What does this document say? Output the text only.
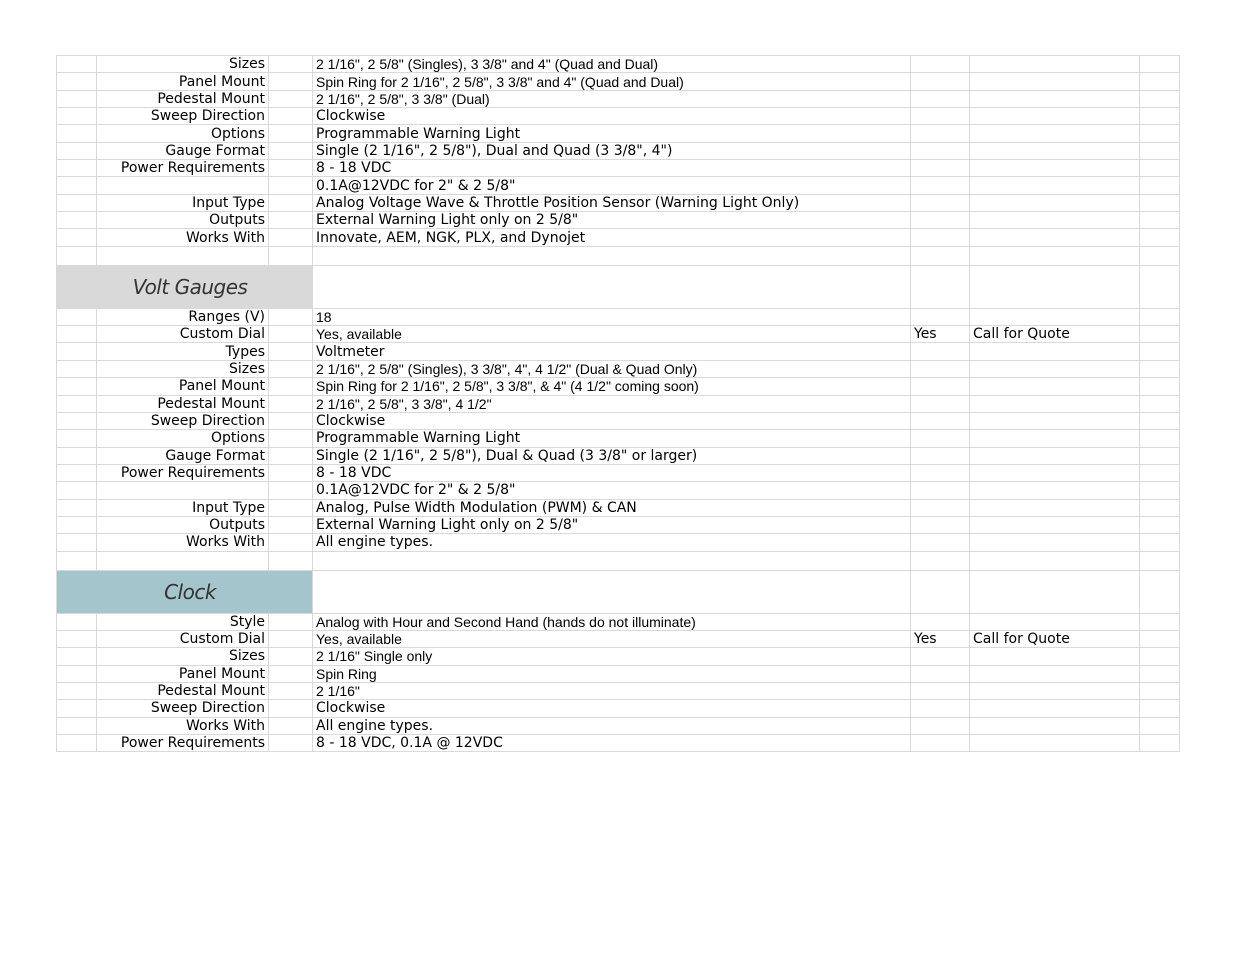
	Sizes		2 1/16", 2 5/8" (Singles), 3 3/8" and 4" (Quad and Dual)			
	Panel Mount		Spin Ring for 2 1/16", 2 5/8", 3 3/8" and 4" (Quad and Dual)			
	Pedestal Mount		2 1/16", 2 5/8", 3 3/8" (Dual)			
	Sweep Direction		Clockwise			
	Options		Programmable Warning Light			
	Gauge Format		Single (2 1/16", 2 5/8"), Dual and Quad (3 3/8", 4")			
	Power Requirements		8 - 18 VDC			
			0.1A@12VDC for 2" & 2 5/8"			
	Input Type		Analog Voltage Wave & Throttle Position Sensor (Warning Light Only)			
	Outputs		External Warning Light only on 2 5/8"			
	Works With		Innovate, AEM, NGK, PLX, and Dynojet			

Volt Gauges						
	Ranges (V)		18			
	Custom Dial		Yes, available	Yes	Call for Quote	
	Types		Voltmeter			
	Sizes		2 1/16", 2 5/8" (Singles), 3 3/8", 4", 4 1/2" (Dual & Quad Only)			
	Panel Mount		Spin Ring for 2 1/16", 2 5/8", 3 3/8", & 4" (4 1/2" coming soon)			
	Pedestal Mount		2 1/16", 2 5/8", 3 3/8", 4 1/2"			
	Sweep Direction		Clockwise			
	Options		Programmable Warning Light			
	Gauge Format		Single (2 1/16", 2 5/8"), Dual & Quad (3 3/8" or larger)			
	Power Requirements		8 - 18 VDC			
			0.1A@12VDC for 2" & 2 5/8"			
	Input Type		Analog, Pulse Width Modulation (PWM) & CAN			
	Outputs		External Warning Light only on 2 5/8"			
	Works With		All engine types.			

Clock						
	Style		Analog with Hour and Second Hand (hands do not illuminate)			
	Custom Dial		Yes, available	Yes	Call for Quote	
	Sizes		2 1/16" Single only			
	Panel Mount		Spin Ring			
	Pedestal Mount		2 1/16"			
	Sweep Direction		Clockwise			
	Works With		All engine types.			
	Power Requirements		8 - 18 VDC, 0.1A @ 12VDC			
